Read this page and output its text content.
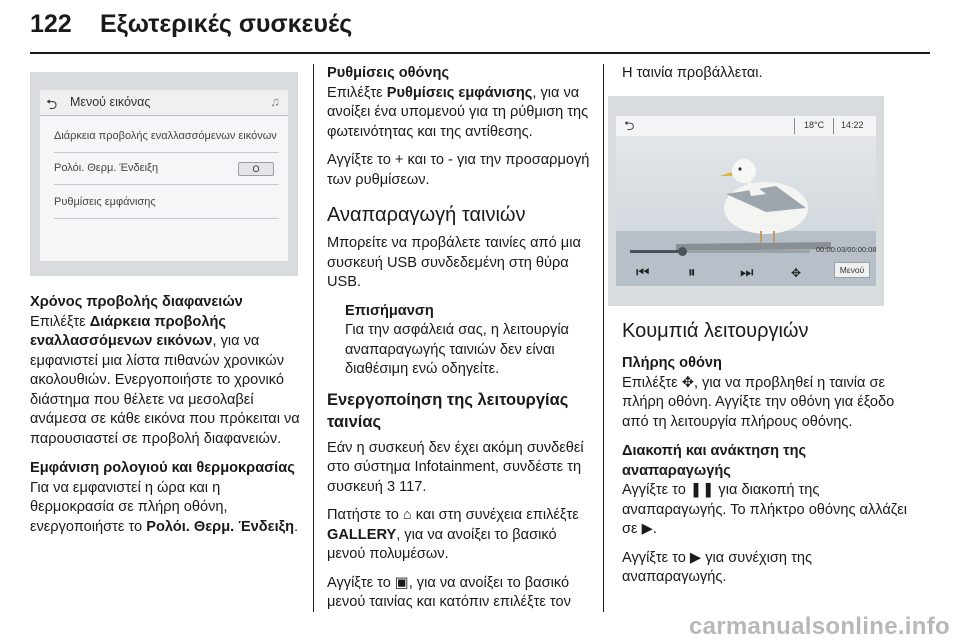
122 Εξωτερικές συσκευές
⮌ Μενού εικόνας	♫
Διάρκεια προβολής εναλλασσόμενων εικόνων
Ρολόι. Θερμ. Ένδειξη	O
Ρυθμίσεις εμφάνισης

Χρόνος προβολής διαφανειών
Επιλέξτε Διάρκεια προβολής εναλλασσόμενων εικόνων, για να εμφανιστεί μια λίστα πιθανών χρονικών ακολουθιών. Ενεργοποιήστε το χρονικό διάστημα που θέλετε να μεσολαβεί ανάμεσα σε κάθε εικόνα που πρόκειται να παρουσιαστεί σε προβολή διαφανειών.

Εμφάνιση ρολογιού και θερμοκρασίας
Για να εμφανιστεί η ώρα και η θερμοκρασία σε πλήρη οθόνη, ενεργοποιήστε το Ρολόι. Θερμ. Ένδειξη.

Ρυθμίσεις οθόνης
Επιλέξτε Ρυθμίσεις εμφάνισης, για να ανοίξει ένα υπομενού για τη ρύθμιση της φωτεινότητας και της αντίθεσης.

Αγγίξτε το + και το - για την προσαρμογή των ρυθμίσεων.

Αναπαραγωγή ταινιών

Μπορείτε να προβάλετε ταινίες από μια συσκευή USB συνδεδεμένη στη θύρα USB.

Επισήμανση
Για την ασφάλειά σας, η λειτουργία αναπαραγωγής ταινιών δεν είναι διαθέσιμη ενώ οδηγείτε.

Ενεργοποίηση της λειτουργίας ταινίας

Εάν η συσκευή δεν έχει ακόμη συνδεθεί στο σύστημα Infotainment, συνδέστε τη συσκευή 3 117.

Πατήστε το ⌂ και στη συνέχεια επιλέξτε GALLERY, για να ανοίξει το βασικό μενού πολυμέσων.

Αγγίξτε το ▣, για να ανοίξει το βασικό μενού ταινίας και κατόπιν επιλέξτε τον

Η ταινία προβάλλεται.

⮌	18°C 14:22
00:00:03/00:00:08
⏮	⏸	⏭	✥	Μενού
Κουμπιά λειτουργιών

Πλήρης οθόνη
Επιλέξτε ✥, για να προβληθεί η ταινία σε πλήρη οθόνη. Αγγίξτε την οθόνη για έξοδο από τη λειτουργία πλήρους οθόνης.

Διακοπή και ανάκτηση της αναπαραγωγής
Αγγίξτε το ❚❚ για διακοπή της αναπαραγωγής. Το πλήκτρο οθόνης αλλάζει σε ▶.

Αγγίξτε το ▶ για συνέχιση της αναπαραγωγής.

carmanualsonline.info
